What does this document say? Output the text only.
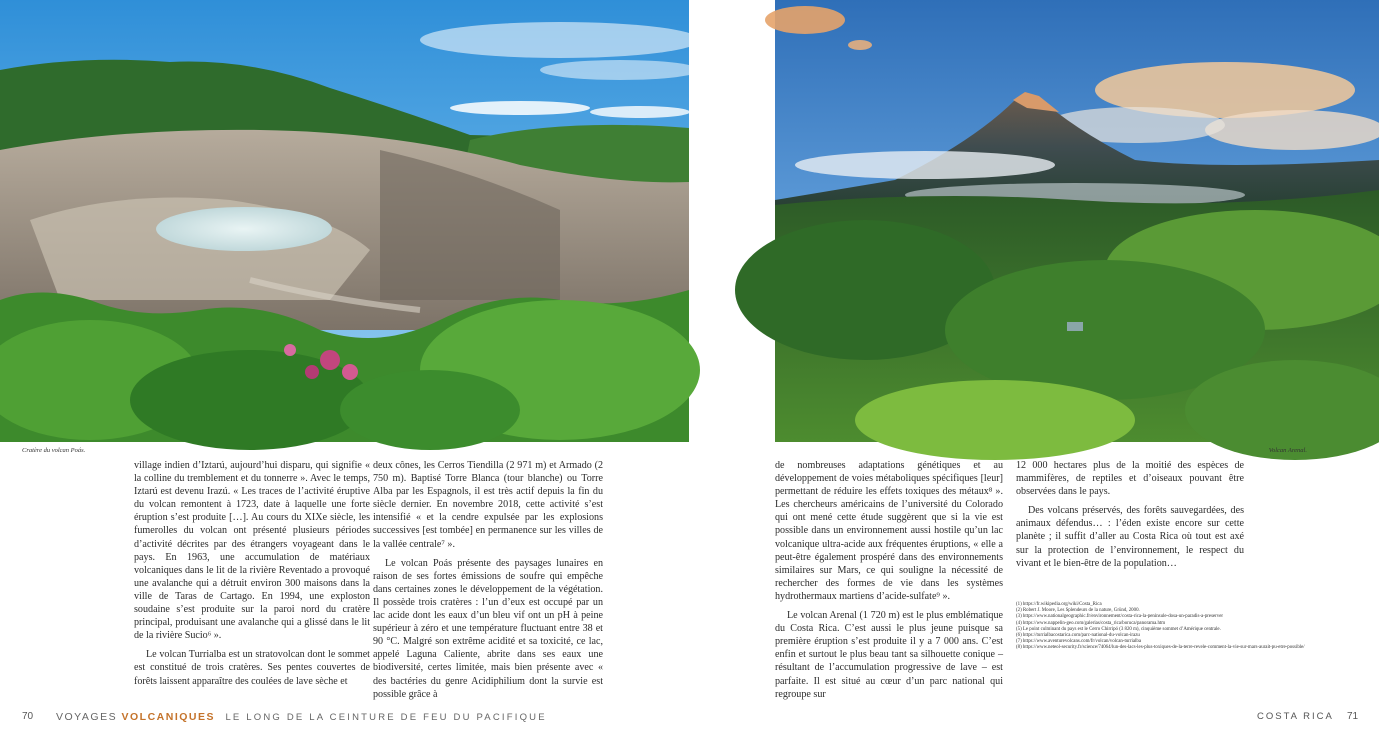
Cratère du volcan Poás.	Volcan Arenal.

village indien d’Iztarú, aujourd’hui disparu, qui signifie « la colline du tremblement et du tonnerre ». Avec le temps, Iztarú est devenu Irazú. « Les traces de l’activité éruptive du volcan remontent à 1723, date à laquelle une forte éruption s’est produite […]. Au cours du XIXe siècle, les fumerolles du volcan ont présenté plusieurs périodes d’activité décrites par des étrangers voyageant dans le pays. En 1963, une accumulation de matériaux volcaniques dans le lit de la rivière Reventado a provoqué une avalanche qui a détruit environ 300 maisons dans la ville de Taras de Cartago. En 1994, une exploston soudaine s’est produite sur la paroi nord du cratère principal, produisant une avalanche qui a glissé dans le lit de la rivière Sucio⁶ ».

Le volcan Turrialba est un stratovolcan dont le sommet est constitué de trois cratères. Ses pentes couvertes de forêts laissent apparaître des coulées de lave sèche et

deux cônes, les Cerros Tiendilla (2 971 m) et Armado (2 750 m). Baptisé Torre Blanca (tour blanche) ou Torre Alba par les Espagnols, il est très actif depuis la fin du siècle dernier. En novembre 2018, cette activité s’est intensifié « et la cendre expulsée par les explosions successives [est tombée] en permanence sur les villes de la vallée centrale⁷ ».

Le volcan Poás présente des paysages lunaires en raison de ses fortes émissions de soufre qui empêche dans certaines zones le développement de la végétation. Il possède trois cratères : l’un d’eux est occupé par un lac acide dont les eaux d’un bleu vif ont un pH à peine supérieur à zéro et une température fluctuant entre 38 et 90 °C. Malgré son extrême acidité et sa toxicité, ce lac, appelé Laguna Caliente, abrite dans ses eaux une biodiversité, certes limitée, mais bien présente avec « des bactéries du genre Acidiphilium dont la survie est possible grâce à

de nombreuses adaptations génétiques et au développement de voies métaboliques spécifiques [leur] permettant de réduire les effets toxiques des métaux⁸ ». Les chercheurs américains de l’université du Colorado qui ont mené cette étude suggèrent que si la vie est possible dans un environnement aussi hostile qu’un lac volcanique ultra-acide aux fréquentes éruptions, « elle a peut-être également prospéré dans des environnements similaires sur Mars, ce qui souligne la nécessité de rechercher des formes de vie dans les systèmes hydrothermaux martiens d’acide-sulfate⁹ ».

Le volcan Arenal (1 720 m) est le plus emblématique du Costa Rica. C’est aussi le plus jeune puisque sa première éruption s’est produite il y a 7 000 ans. C’est enfin et surtout le plus beau tant sa silhouette conique – résultant de l’accumulation progressive de lave – est parfaite. Il est situé au cœur d’un parc national qui regroupe sur

12 000 hectares plus de la moitié des espèces de mammifères, de reptiles et d’oiseaux pouvant être observées dans le pays.

Des volcans préservés, des forêts sauvegardées, des animaux défendus… : l’éden existe encore sur cette planète ; il suffit d’aller au Costa Rica où tout est axé sur la protection de l’environnement, le respect du vivant et le bien-être de la population…

(1) https://fr.wikipedia.org/wiki/Costa_Rica
(2) Robert J. Moore, Les Splendeurs de la nature, Gründ, 2000.
(3) https://www.nationalgeographic.fr/environnement/costa-rica-la-peninsule-dosa-un-paradis-a-preserver
(4) https://www.nappelin-geo.com/galerias/costa_rica/boruca/panorama.htm
(5) Le point culminant du pays est le Cerro Chirripó (3 820 m), cinquième sommet d’Amérique centrale.
(6) https://turrialbacostarica.com/parc-national-du-volcan-irazu
(7) https://www.aventurevolcans.com/fr/volcan/volcan-turrialba
(8) https://www.neteol-security.fr/science/74064/lun-des-lacs-les-plus-toxiques-de-la-terre-revele-comment-la-vie-sur-mars-aurait-pu-etre-possible/
70 VOYAGES VOLCANIQUES LE LONG DE LA CEINTURE DE FEU DU PACIFIQUE	COSTA RICA 71
